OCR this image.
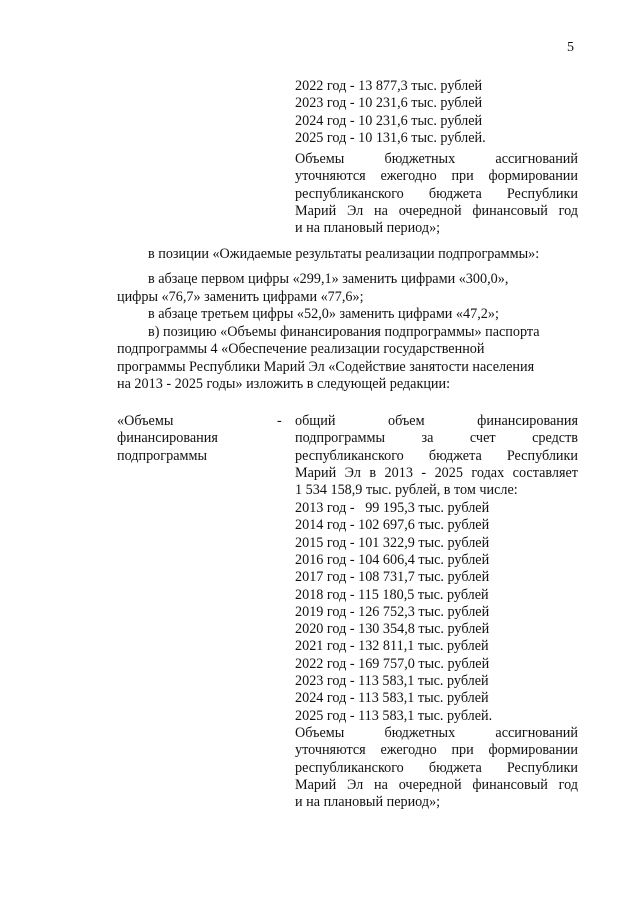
5
в позиции «Ожидаемые результаты реализации подпрограммы»:
в абзаце первом цифры «299,1» заменить цифрами «300,0»,
цифры «76,7» заменить цифрами «77,6»;
в абзаце третьем цифры «52,0» заменить цифрами «47,2»;
в) позицию «Объемы финансирования подпрограммы» паспорта
подпрограммы 4 «Обеспечение реализации государственной
программы Республики Марий Эл «Содействие занятости населения
на 2013 - 2025 годы» изложить в следующей редакции:
-
2022 год - 13 877,3 тыс. рублей
2023 год - 10 231,6 тыс. рублей
2024 год - 10 231,6 тыс. рублей
2025 год - 10 131,6 тыс. рублей.
Объемы бюджетных ассигнований
уточняются ежегодно при формировании
республиканского бюджета Республики
Марий Эл на очередной финансовый год
и на плановый период»;
«Объемы
финансирования
подпрограммы
общий объем финансирования
подпрограммы за счет средств
республиканского бюджета Республики
Марий Эл в 2013 - 2025 годах составляет
1 534 158,9 тыс. рублей, в том числе:
2013 год -   99 195,3 тыс. рублей
2014 год - 102 697,6 тыс. рублей
2015 год - 101 322,9 тыс. рублей
2016 год - 104 606,4 тыс. рублей
2017 год - 108 731,7 тыс. рублей
2018 год - 115 180,5 тыс. рублей
2019 год - 126 752,3 тыс. рублей
2020 год - 130 354,8 тыс. рублей
2021 год - 132 811,1 тыс. рублей
2022 год - 169 757,0 тыс. рублей
2023 год - 113 583,1 тыс. рублей
2024 год - 113 583,1 тыс. рублей
2025 год - 113 583,1 тыс. рублей.
Объемы бюджетных ассигнований
уточняются ежегодно при формировании
республиканского бюджета Республики
Марий Эл на очередной финансовый год
и на плановый период»;
